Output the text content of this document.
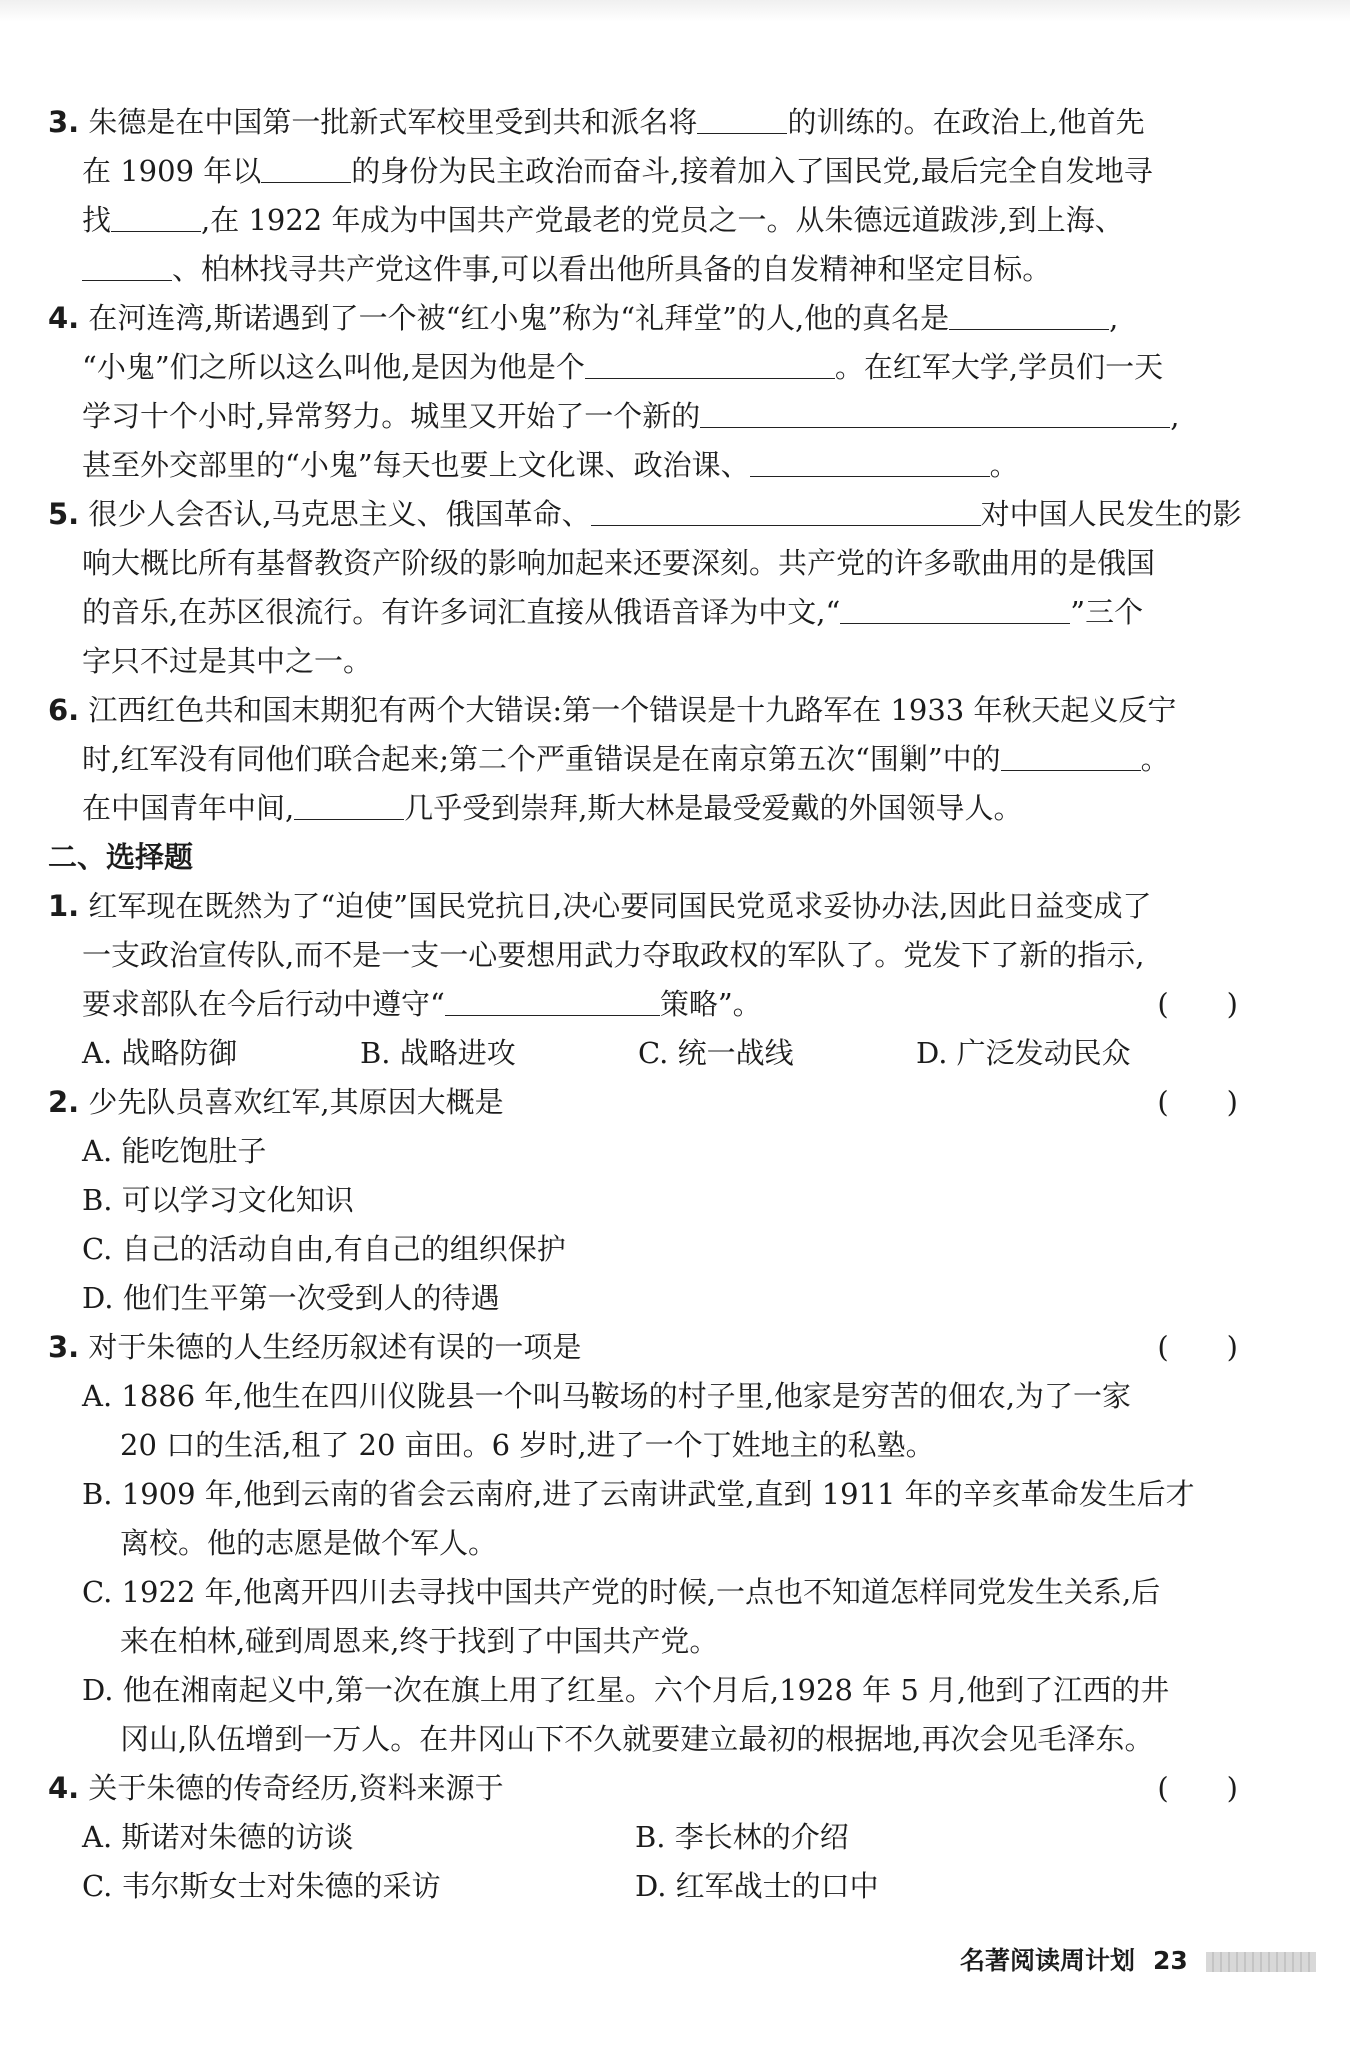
3. 朱德是在中国第一批新式军校里受到共和派名将	的训练的。在政治上,他首先
在 1909 年以	的身份为民主政治而奋斗,接着加入了国民党,最后完全自发地寻
找	,在 1922 年成为中国共产党最老的党员之一。从朱德远道跋涉,到上海、
、柏林找寻共产党这件事,可以看出他所具备的自发精神和坚定目标。
4. 在河连湾,斯诺遇到了一个被“红小鬼”称为“礼拜堂”的人,他的真名是	,
“小鬼”们之所以这么叫他,是因为他是个	。在红军大学,学员们一天
学习十个小时,异常努力。城里又开始了一个新的	,
甚至外交部里的“小鬼”每天也要上文化课、政治课、	。
5. 很少人会否认,马克思主义、俄国革命、	对中国人民发生的影
响大概比所有基督教资产阶级的影响加起来还要深刻。共产党的许多歌曲用的是俄国
的音乐,在苏区很流行。有许多词汇直接从俄语音译为中文,“	”三个
字只不过是其中之一。
6. 江西红色共和国末期犯有两个大错误:第一个错误是十九路军在 1933 年秋天起义反宁
时,红军没有同他们联合起来;第二个严重错误是在南京第五次“围剿”中的	。
在中国青年中间,	几乎受到崇拜,斯大林是最受爱戴的外国领导人。
二、选择题
1. 红军现在既然为了“迫使”国民党抗日,决心要同国民党觅求妥协办法,因此日益变成了
一支政治宣传队,而不是一支一心要想用武力夺取政权的军队了。党发下了新的指示,
要求部队在今后行动中遵守“	策略”。	(　　)
A. 战略防御	B. 战略进攻	C. 统一战线	D. 广泛发动民众
2. 少先队员喜欢红军,其原因大概是	(　　)
A. 能吃饱肚子
B. 可以学习文化知识
C. 自己的活动自由,有自己的组织保护
D. 他们生平第一次受到人的待遇
3. 对于朱德的人生经历叙述有误的一项是	(　　)
A. 1886 年,他生在四川仪陇县一个叫马鞍场的村子里,他家是穷苦的佃农,为了一家
20 口的生活,租了 20 亩田。6 岁时,进了一个丁姓地主的私塾。
B. 1909 年,他到云南的省会云南府,进了云南讲武堂,直到 1911 年的辛亥革命发生后才
离校。他的志愿是做个军人。
C. 1922 年,他离开四川去寻找中国共产党的时候,一点也不知道怎样同党发生关系,后
来在柏林,碰到周恩来,终于找到了中国共产党。
D. 他在湘南起义中,第一次在旗上用了红星。六个月后,1928 年 5 月,他到了江西的井
冈山,队伍增到一万人。在井冈山下不久就要建立最初的根据地,再次会见毛泽东。
4. 关于朱德的传奇经历,资料来源于	(　　)
A. 斯诺对朱德的访谈	B. 李长林的介绍
C. 韦尔斯女士对朱德的采访	D. 红军战士的口中
名著阅读周计划 23
